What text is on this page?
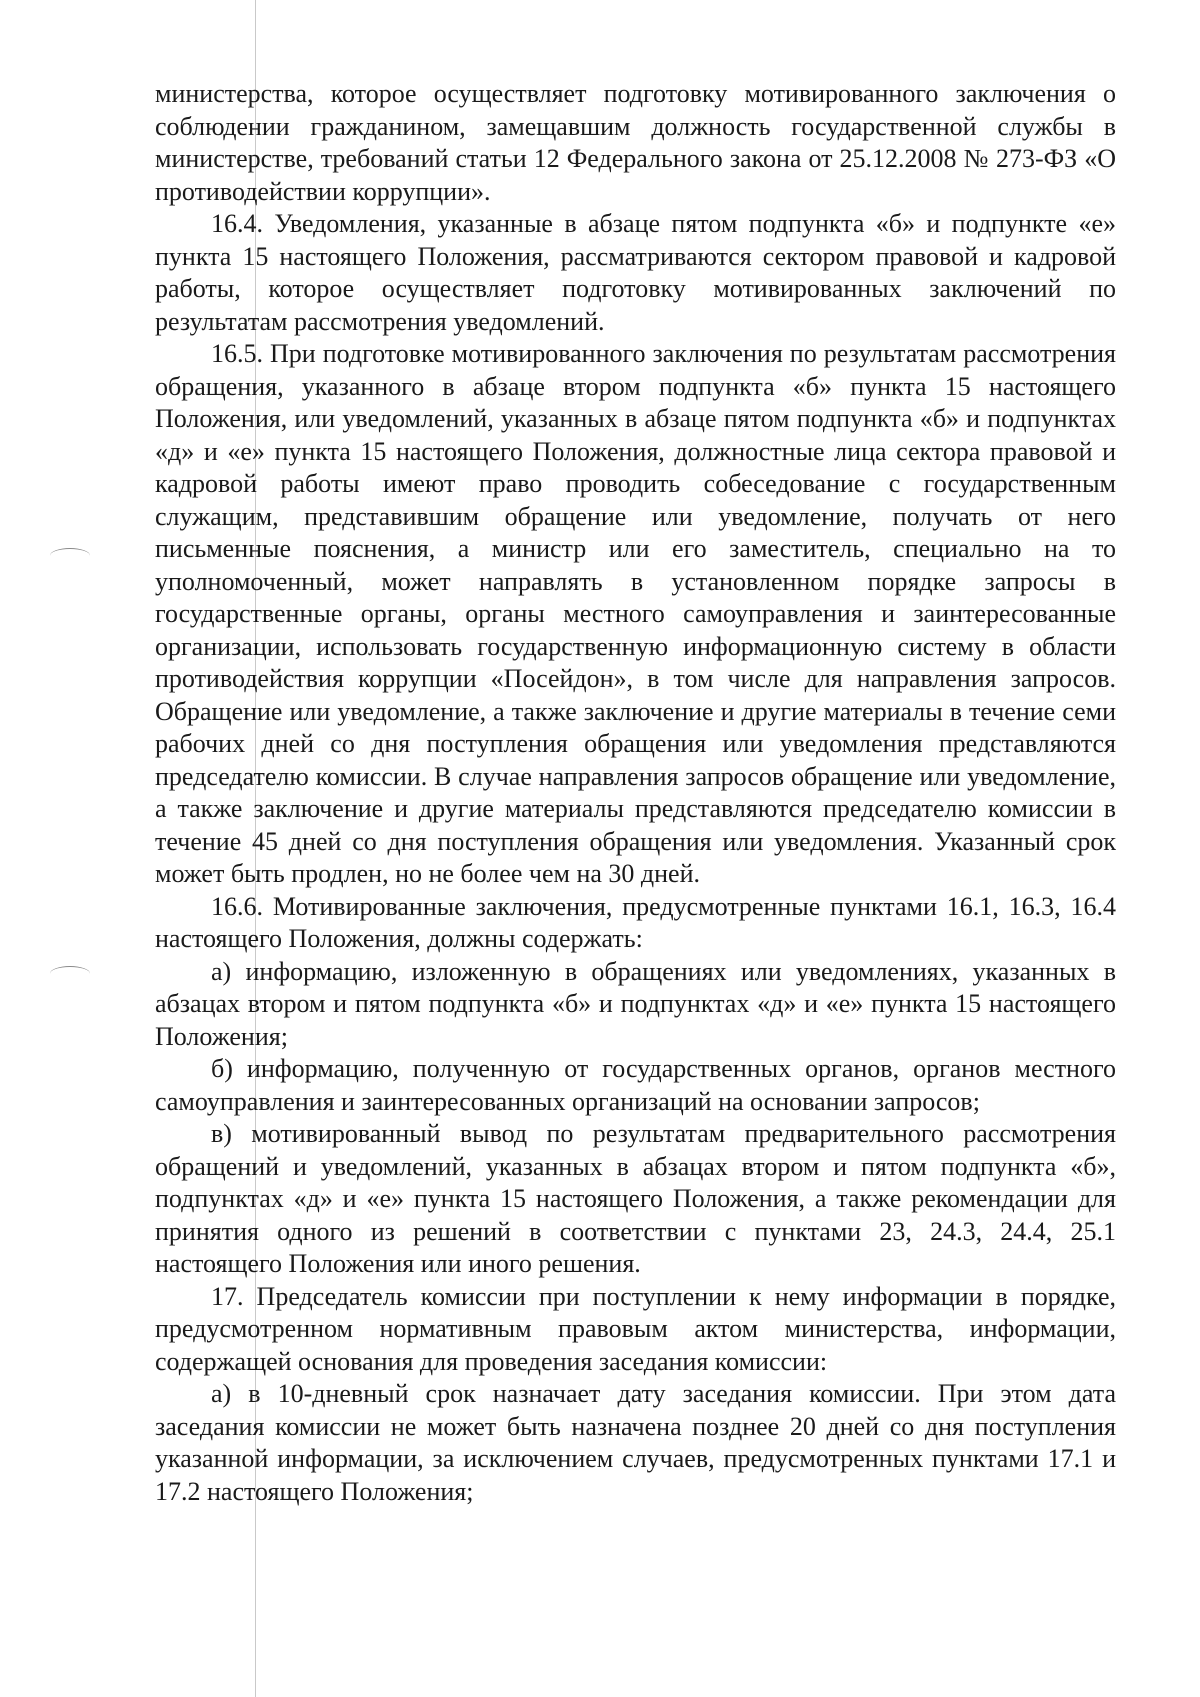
министерства, которое осуществляет подготовку мотивированного заключения о соблюдении гражданином, замещавшим должность государственной службы в министерстве, требований статьи 12 Федерального закона от 25.12.2008 № 273-ФЗ «О противодействии коррупции».

16.4. Уведомления, указанные в абзаце пятом подпункта «б» и подпункте «е» пункта 15 настоящего Положения, рассматриваются сектором правовой и кадровой работы, которое осуществляет подготовку мотивированных заключений по результатам рассмотрения уведомлений.

16.5. При подготовке мотивированного заключения по результатам рассмотрения обращения, указанного в абзаце втором подпункта «б» пункта 15 настоящего Положения, или уведомлений, указанных в абзаце пятом подпункта «б» и подпунктах «д» и «е» пункта 15 настоящего Положения, должностные лица сектора правовой и кадровой работы имеют право проводить собеседование с государственным служащим, представившим обращение или уведомление, получать от него письменные пояснения, а министр или его заместитель, специально на то уполномоченный, может направлять в установленном порядке запросы в государственные органы, органы местного самоуправления и заинтересованные организации, использовать государственную информационную систему в области противодействия коррупции «Посейдон», в том числе для направления запросов. Обращение или уведомление, а также заключение и другие материалы в течение семи рабочих дней со дня поступления обращения или уведомления представляются председателю комиссии. В случае направления запросов обращение или уведомление, а также заключение и другие материалы представляются председателю комиссии в течение 45 дней со дня поступления обращения или уведомления. Указанный срок может быть продлен, но не более чем на 30 дней.

16.6. Мотивированные заключения, предусмотренные пунктами 16.1, 16.3, 16.4 настоящего Положения, должны содержать:

а) информацию, изложенную в обращениях или уведомлениях, указанных в абзацах втором и пятом подпункта «б» и подпунктах «д» и «е» пункта 15 настоящего Положения;

б) информацию, полученную от государственных органов, органов местного самоуправления и заинтересованных организаций на основании запросов;

в) мотивированный вывод по результатам предварительного рассмотрения обращений и уведомлений, указанных в абзацах втором и пятом подпункта «б», подпунктах «д» и «е» пункта 15 настоящего Положения, а также рекомендации для принятия одного из решений в соответствии с пунктами 23, 24.3, 24.4, 25.1 настоящего Положения или иного решения.

17. Председатель комиссии при поступлении к нему информации в порядке, предусмотренном нормативным правовым актом министерства, информации, содержащей основания для проведения заседания комиссии:

а) в 10-дневный срок назначает дату заседания комиссии. При этом дата заседания комиссии не может быть назначена позднее 20 дней со дня поступления указанной информации, за исключением случаев, предусмотренных пунктами 17.1 и 17.2 настоящего Положения;
